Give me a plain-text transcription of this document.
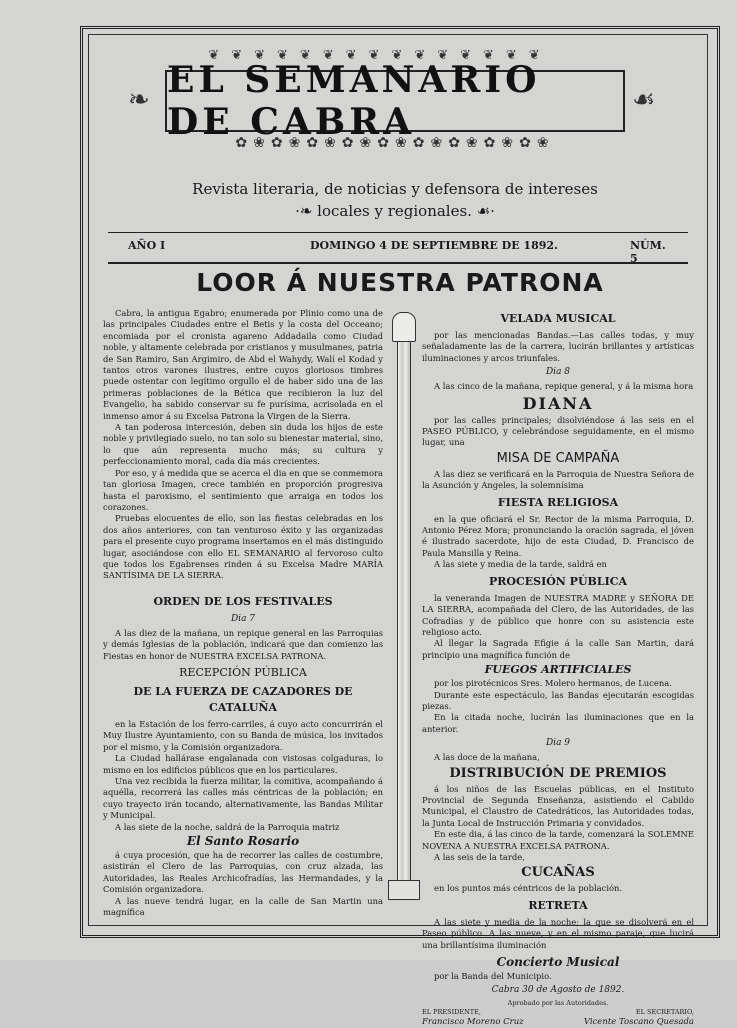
❦❦❦❦❦❦❦❦❦❦❦❦❦❦❦
❧	☙
EL SEMANARIO DE CABRA
✿❀✿❀✿❀✿❀✿❀✿❀✿❀✿❀✿❀
Revista literaria, de noticias y defensora de intereses
·❧ locales y regionales. ☙·
AÑO I	DOMINGO 4 DE SEPTIEMBRE DE 1892.	NÚM. 5
LOOR Á NUESTRA PATRONA

Cabra, la antigua Egabro; enumerada por Plinio como una de las principales Ciudades entre el Betis y la costa del Occeano; encomiada por el cronista agareno Addadaila como Ciudad noble, y altamente celebrada por cristianos y musulmanes, patria de San Ramiro, San Argimiro, de Abd el Wahydy, Walí el Kodad y tantos otros varones ilustres, entre cuyos gloriosos timbres puede ostentar con legítimo orgullo el de haber sido una de las primeras poblaciones de la Bética que recibieron la luz del Evangelio, ha sabido conservar su fe purísima, acrisolada en el inmenso amor á su Excelsa Patrona la Virgen de la Sierra.

A tan poderosa intercesión, deben sin duda los hijos de este noble y privilegiado suelo, no tan solo su bienestar material, sino, lo que aún representa mucho más; su cultura y perfeccionamiento moral, cada día más crecientes.

Por eso, y á medida que se acerca el dia en que se conmemora tan gloriosa Imagen, crece también en proporción progresiva hasta el paroxismo, el sentimiento que arraiga en todos los corazones.

Pruebas elocuentes de ello, son las fiestas celebradas en los dos años anteriores, con tan venturoso éxito y las organizadas para el presente cuyo programa insertamos en el más distinguido lugar, asociándose con ello EL SEMANARIO al fervoroso culto que todos los Egabrenses rinden á su Excelsa Madre MARÍA SANTÍSIMA DE LA SIERRA.

ORDEN DE LOS FESTIVALES

Dia 7

A las diez de la mañana, un repique general en las Parroquias y demás Iglesias de la población, indicará que dan comienzo las Fiestas en honor de NUESTRA EXCELSA PATRONA.

RECEPCIÓN PÚBLICA

DE LA FUERZA DE CAZADORES DE CATALUÑA

en la Estación de los ferro-carriles, á cuyo acto concurrirán el Muy Ilustre Ayuntamiento, con su Banda de música, los invitados por el mismo, y la Comisión organizadora.

La Ciudad hallárase engalanada con vistosas colgaduras, lo mismo en los edificios públicos que en los particulares.

Una vez recibida la fuerza militar, la comitiva, acompañando á aquélla, recorrerá las calles más céntricas de la población; en cuyo trayecto irán tocando, alternativamente, las Bandas Militar y Municipal.

A las siete de la noche, saldrá de la Parroquia matriz

El Santo Rosario

á cuya procesión, que ha de recorrer las calles de costumbre, asistirán el Clero de las Parroquias, con cruz alzada, las Autoridades, las Reales Archicofradías, las Hermandades, y la Comisión organizadora.

A las nueve tendrá lugar, en la calle de San Martin una magnífica

VELADA MUSICAL

por las mencionadas Bandas.—Las calles todas, y muy señaladamente las de la carrera, lucirán brillantes y artísticas iluminaciones y arcos triunfales.

Dia 8

A las cinco de la mañana, repique general, y á la misma hora

DIANA

por las calles principales; disolviéndose á las seis en el PASEO PÚBLICO, y celebrándose seguidamente, en el mismo lugar, una

MISA DE CAMPAÑA

A las diez se verificará en la Parroquia de Nuestra Señora de la Asunción y Angeles, la solemnísima

FIESTA RELIGIOSA

en la que oficiará el Sr. Rector de la misma Parroquia, D. Antonio Pérez Mora; pronunciando la oración sagrada, el jóven é ilustrado sacerdote, hijo de esta Ciudad, D. Francisco de Paula Mansilla y Reina.

A las siete y media de la tarde, saldrá en

PROCESIÓN PÚBLICA

la veneranda Imagen de NUESTRA MADRE y SEÑORA DE LA SIERRA, acompañada del Clero, de las Autoridades, de las Cofradías y de público que honre con su asistencia este religioso acto.

Al llegar la Sagrada Efigie á la calle San Martin, dará principio una magnífica función de

FUEGOS ARTIFICIALES

por los pirotécnicos Sres. Molero hermanos, de Lucena.

Durante este espectáculo, las Bandas ejecutarán escogidas piezas.

En la citada noche, lucirán las iluminaciones que en la anterior.

Dia 9

A las doce de la mañana,

DISTRIBUCIÓN DE PREMIOS

á los niños de las Escuelas públicas, en el Instituto Provincial de Segunda Enseñanza, asistiendo el Cabildo Municipal, el Claustro de Catedráticos, las Autoridades todas, la Junta Local de Instrucción Primaria y convidados.

En este dia, á las cinco de la tarde, comenzará la SOLEMNE NOVENA A NUESTRA EXCELSA PATRONA.

A las seis de la tarde,

CUCAÑAS

en los puntos más céntricos de la población.

RETRETA

A las siete y media de la noche; la que se disolverá en el Paseo público. A las nueve, y en el mismo paraje, que lucirá una brillantísima iluminación

Concierto Musical

por la Banda del Municipio.

Cabra 30 de Agosto de 1892.

Aprobado por las Autoridades.

EL PRESIDENTE,	EL SECRETARIO,
Francisco Moreno Cruz	Vicente Toscano Quesada
